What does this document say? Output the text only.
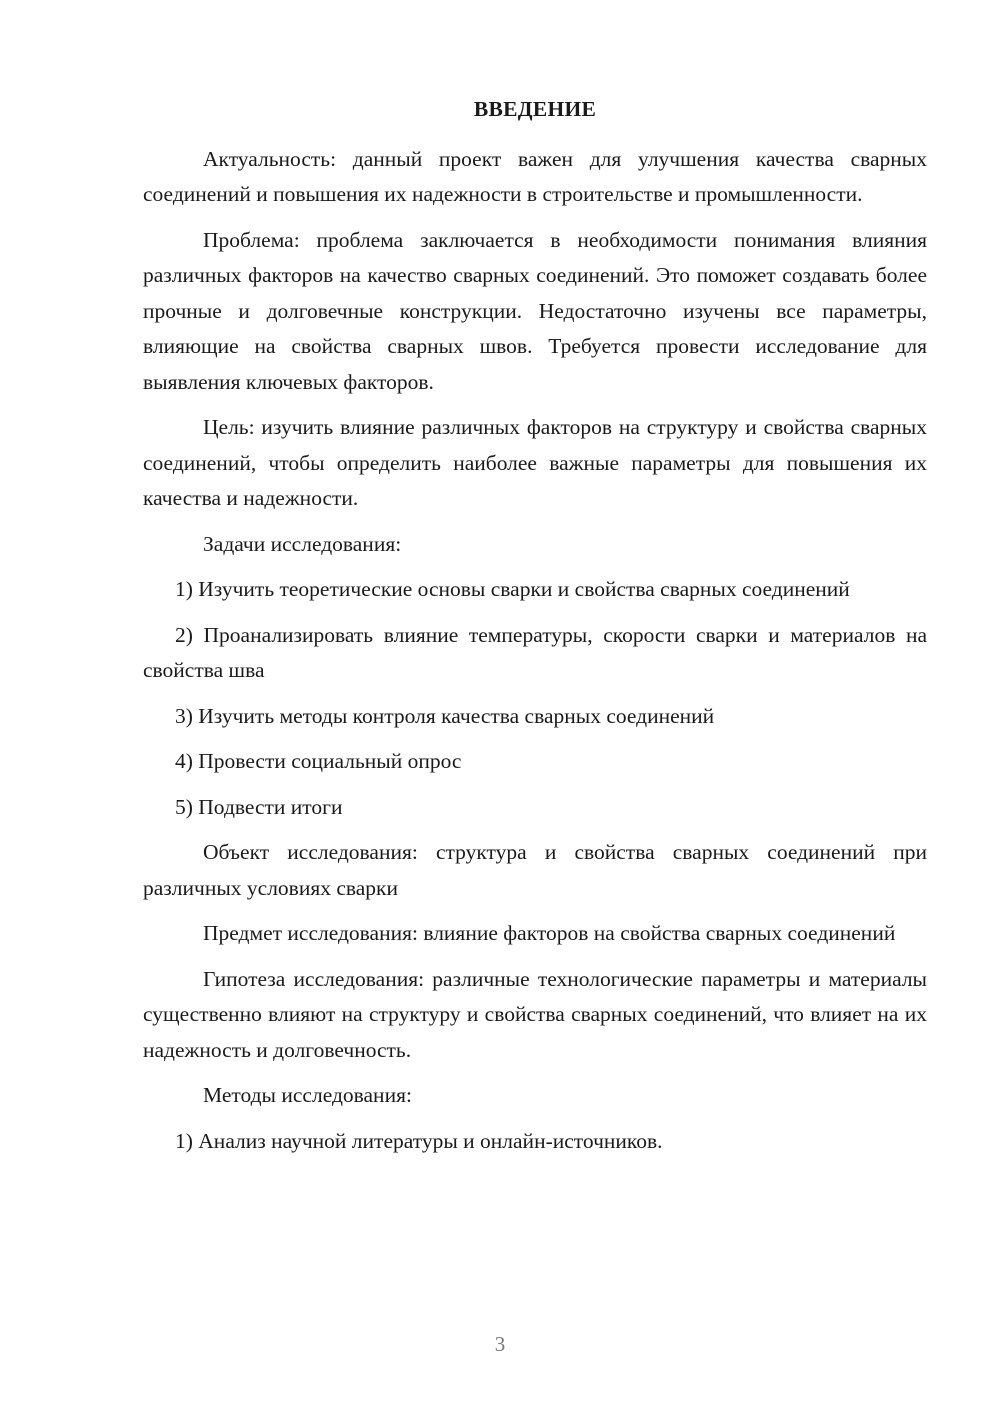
ВВЕДЕНИЕ

Актуальность: данный проект важен для улучшения качества сварных соединений и повышения их надежности в строительстве и промышленности.

Проблема: проблема заключается в необходимости понимания влияния различных факторов на качество сварных соединений. Это поможет создавать более прочные и долговечные конструкции. Недостаточно изучены все параметры, влияющие на свойства сварных швов. Требуется провести исследование для выявления ключевых факторов.

Цель: изучить влияние различных факторов на структуру и свойства сварных соединений, чтобы определить наиболее важные параметры для повышения их качества и надежности.

Задачи исследования:

1) Изучить теоретические основы сварки и свойства сварных соединений

2) Проанализировать влияние температуры, скорости сварки и материалов на свойства шва

3) Изучить методы контроля качества сварных соединений

4) Провести социальный опрос

5) Подвести итоги

Объект исследования: структура и свойства сварных соединений при различных условиях сварки

Предмет исследования: влияние факторов на свойства сварных соединений

Гипотеза исследования: различные технологические параметры и материалы существенно влияют на структуру и свойства сварных соединений, что влияет на их надежность и долговечность.

Методы исследования:

1) Анализ научной литературы и онлайн-источников.

3
